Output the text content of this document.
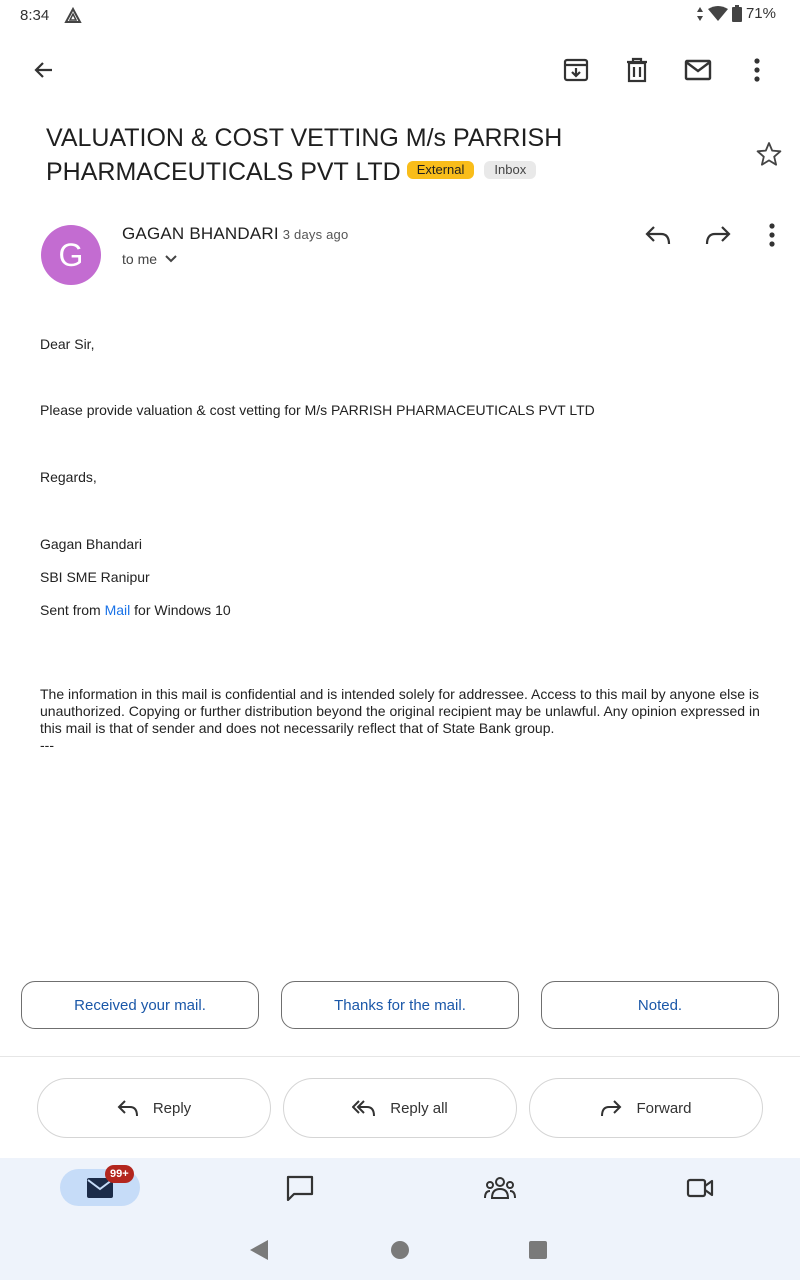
8:34	71%
VALUATION & COST VETTING M/s PARRISH PHARMACEUTICALS PVT LTD External Inbox
G
GAGAN BHANDARI 3 days ago
to me
Dear Sir,
Please provide valuation & cost vetting for M/s PARRISH PHARMACEUTICALS PVT LTD
Regards,
Gagan Bhandari
SBI SME Ranipur
Sent from Mail for Windows 10
The information in this mail is confidential and is intended solely for addressee. Access to this mail by anyone else is unauthorized. Copying or further distribution beyond the original recipient may be unlawful. Any opinion expressed in this mail is that of sender and does not necessarily reflect that of State Bank group.
---
Received your mail.	Thanks for the mail.	Noted.
Reply	Reply all	Forward
99+
